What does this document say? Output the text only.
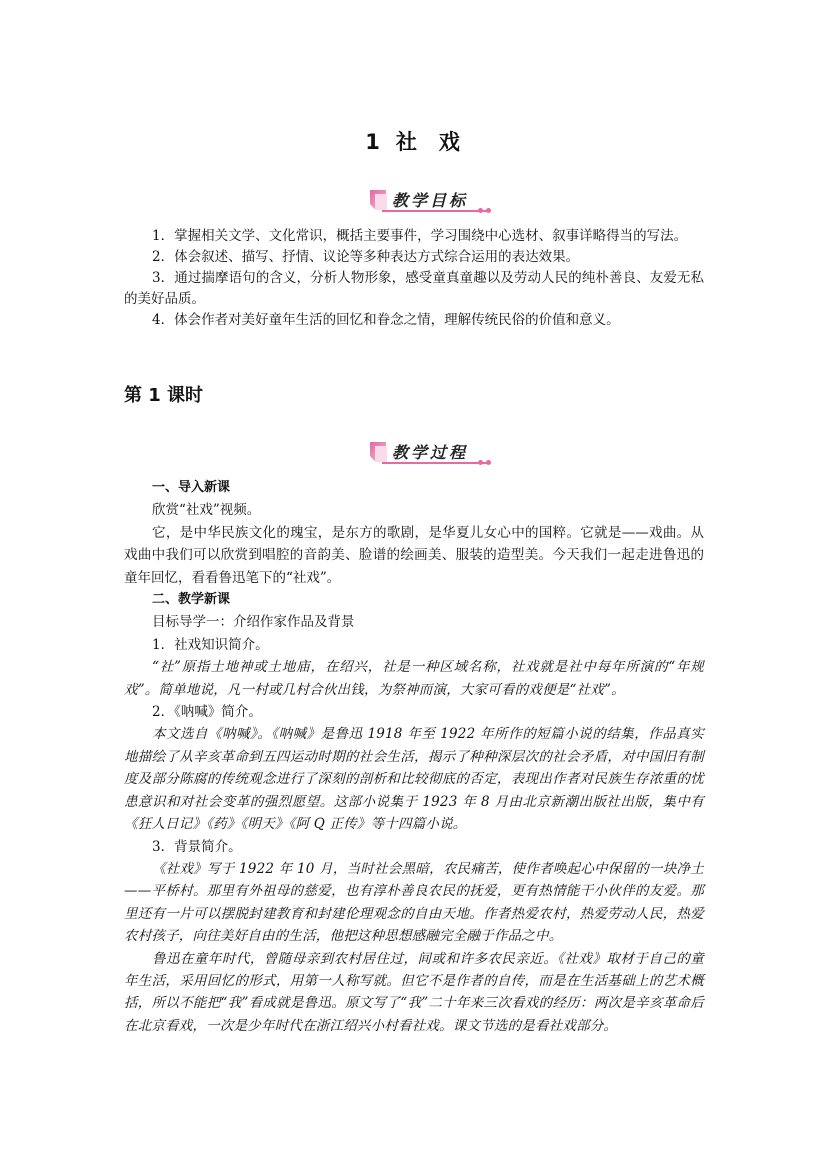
1 社 戏
教学目标

1．掌握相关文学、文化常识，概括主要事件，学习围绕中心选材、叙事详略得当的写法。

2．体会叙述、描写、抒情、议论等多种表达方式综合运用的表达效果。

3．通过揣摩语句的含义，分析人物形象，感受童真童趣以及劳动人民的纯朴善良、友爱无私的美好品质。

4．体会作者对美好童年生活的回忆和眷念之情，理解传统民俗的价值和意义。

第 1 课时
教学过程

一、导入新课

欣赏“社戏”视频。

它，是中华民族文化的瑰宝，是东方的歌剧，是华夏儿女心中的国粹。它就是——戏曲。从戏曲中我们可以欣赏到唱腔的音韵美、脸谱的绘画美、服装的造型美。今天我们一起走进鲁迅的童年回忆，看看鲁迅笔下的“社戏”。

二、教学新课

目标导学一：介绍作家作品及背景

1．社戏知识简介。

“社”原指土地神或土地庙，在绍兴，社是一种区域名称，社戏就是社中每年所演的“年规戏”。简单地说，凡一村或几村合伙出钱，为祭神而演，大家可看的戏便是“社戏”。

2．《呐喊》简介。

本文选自《呐喊》。《呐喊》是鲁迅 1918 年至 1922 年所作的短篇小说的结集，作品真实地描绘了从辛亥革命到五四运动时期的社会生活，揭示了种种深层次的社会矛盾，对中国旧有制度及部分陈腐的传统观念进行了深刻的剖析和比较彻底的否定，表现出作者对民族生存浓重的忧患意识和对社会变革的强烈愿望。这部小说集于 1923 年 8 月由北京新潮出版社出版，集中有《狂人日记》《药》《明天》《阿 Q 正传》等十四篇小说。

3．背景简介。

《社戏》写于 1922 年 10 月，当时社会黑暗，农民痛苦，使作者唤起心中保留的一块净土——平桥村。那里有外祖母的慈爱，也有淳朴善良农民的抚爱，更有热情能干小伙伴的友爱。那里还有一片可以摆脱封建教育和封建伦理观念的自由天地。作者热爱农村，热爱劳动人民，热爱农村孩子，向往美好自由的生活，他把这种思想感融完全融于作品之中。

鲁迅在童年时代，曾随母亲到农村居住过，间或和许多农民亲近。《社戏》取材于自己的童年生活，采用回忆的形式，用第一人称写就。但它不是作者的自传，而是在生活基础上的艺术概括，所以不能把“我”看成就是鲁迅。原文写了“我”二十年来三次看戏的经历：两次是辛亥革命后在北京看戏，一次是少年时代在浙江绍兴小村看社戏。课文节选的是看社戏部分。
